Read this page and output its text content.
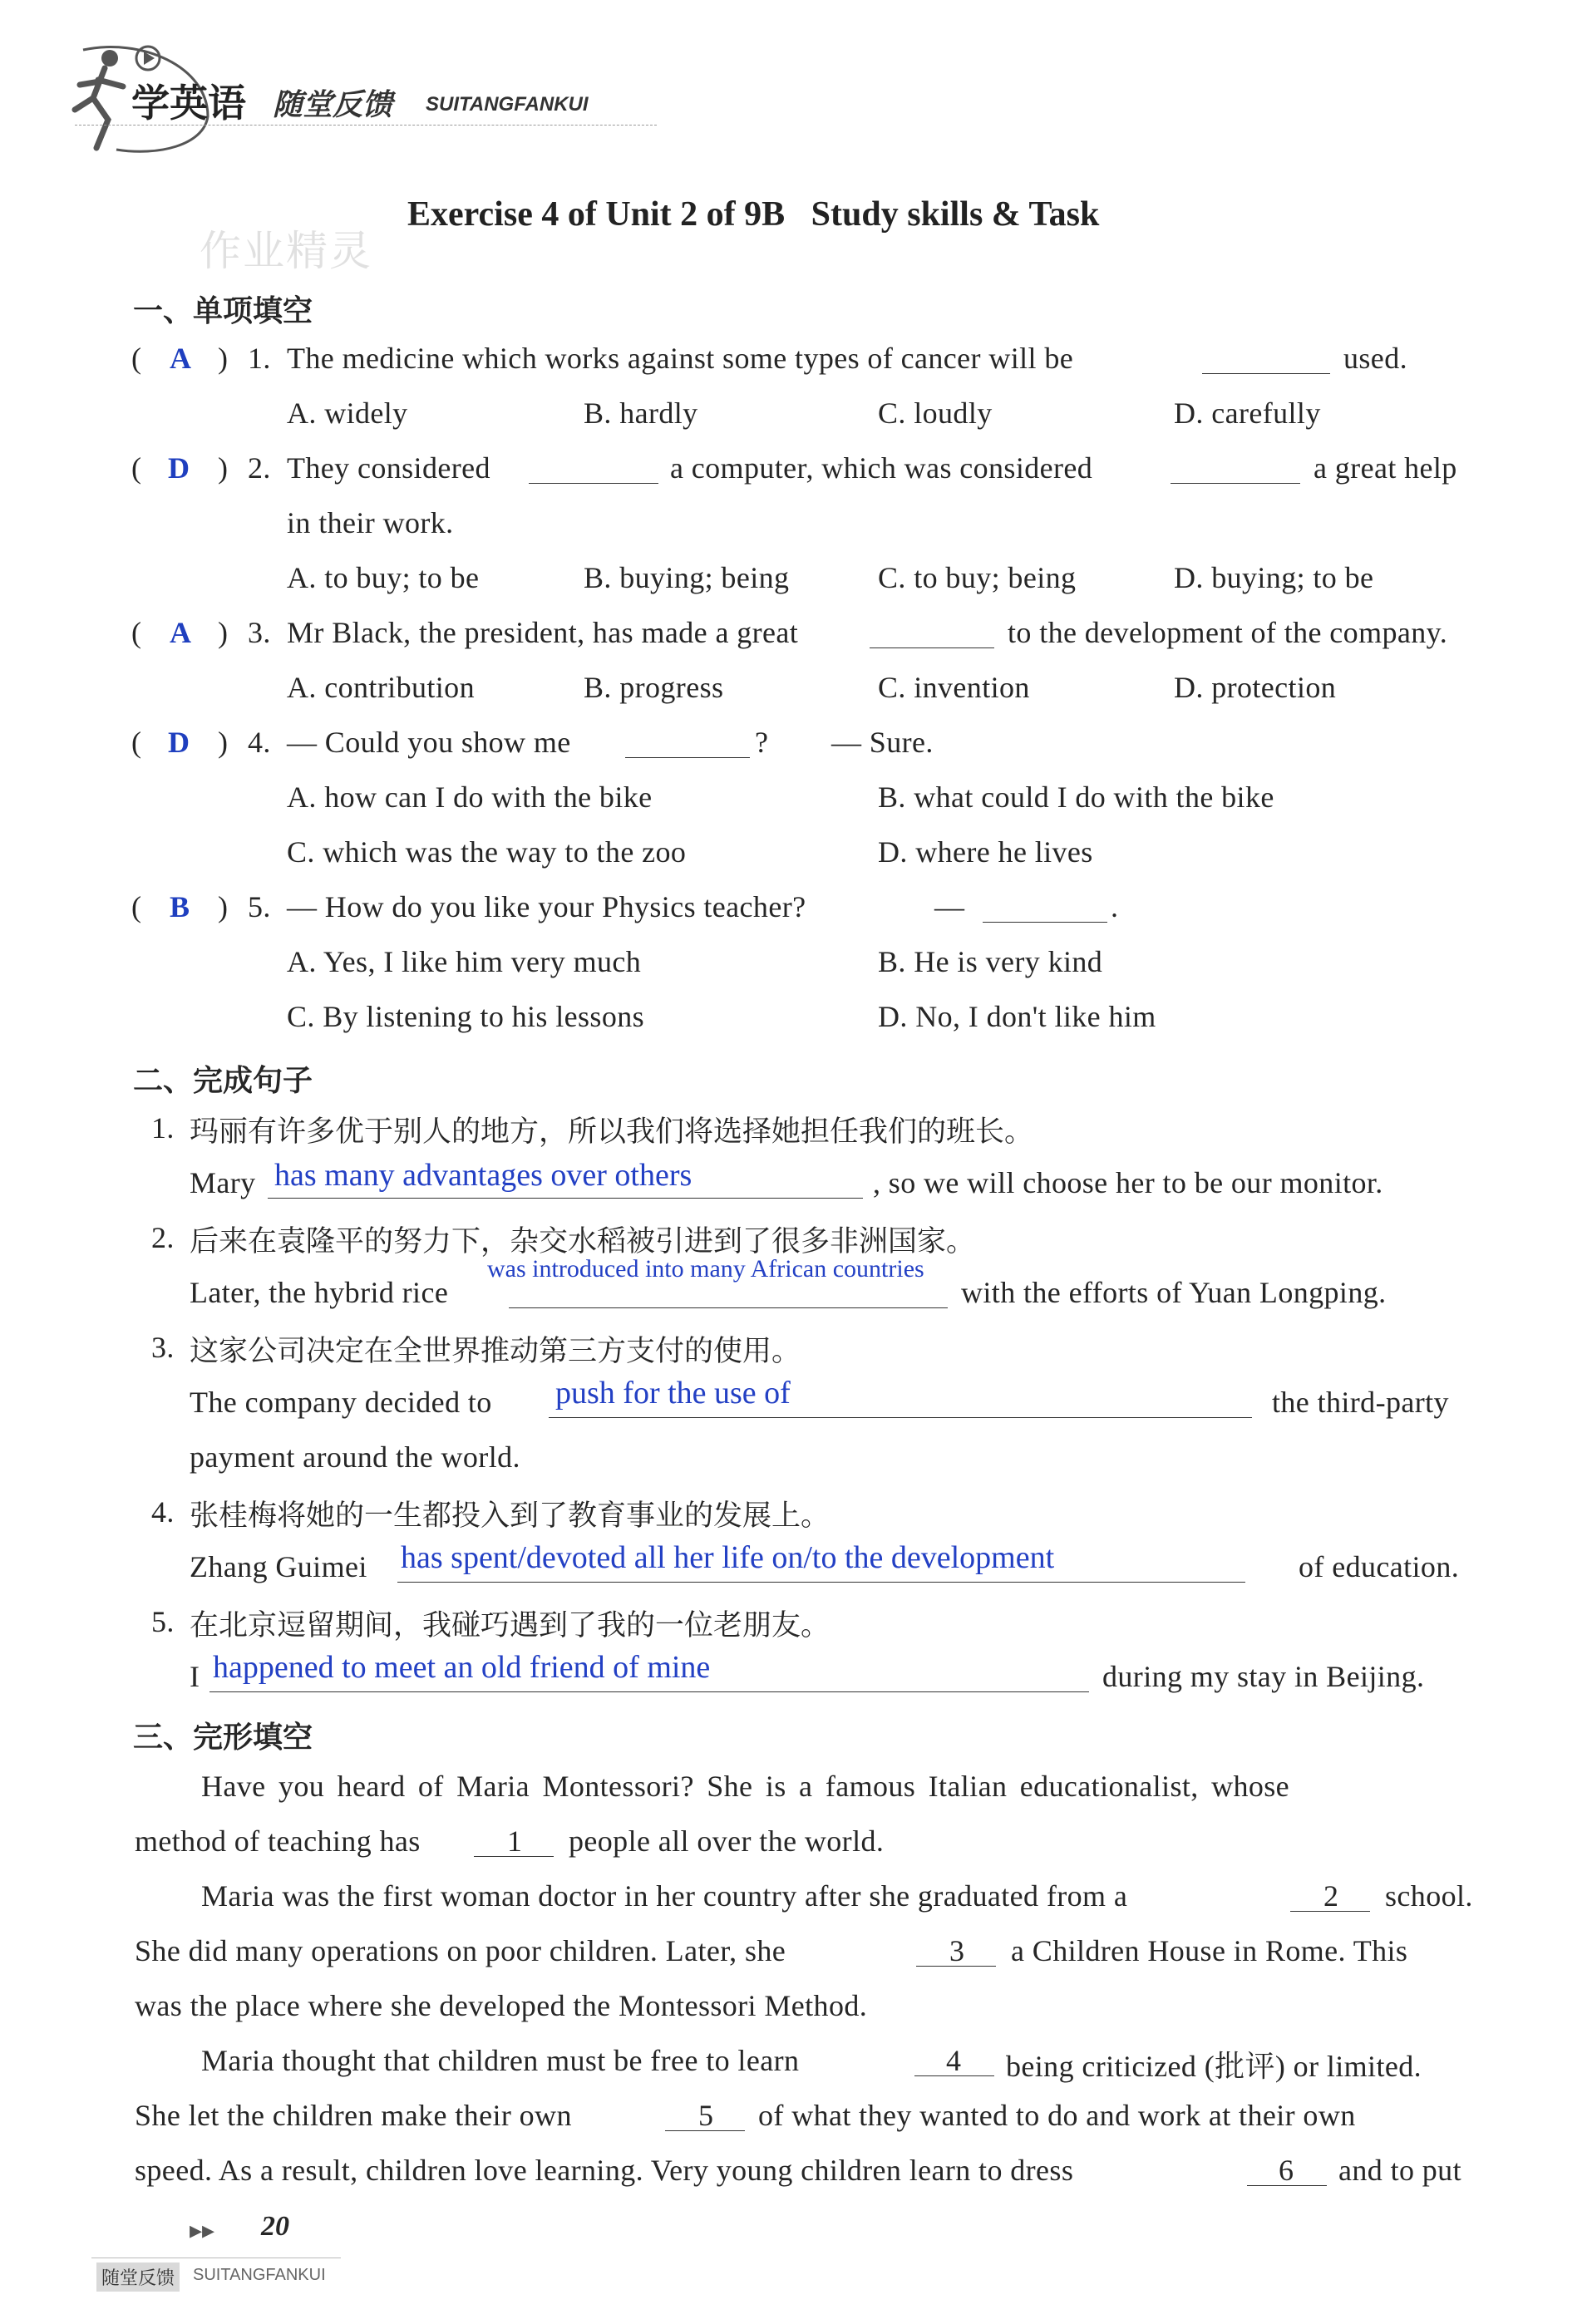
学英语 随堂反馈 SUITANGFANKUI
作业精灵
Exercise 4 of Unit 2 of 9B   Study skills & Task
一、单项填空
( A ) 1. The medicine which works against some types of cancer will be	used.
A. widely	B. hardly	C. loudly	D. carefully
( D ) 2. They considered	a computer, which was considered	a great help
in their work.
A. to buy; to be	B. buying; being	C. to buy; being	D. buying; to be
( A ) 3. Mr Black, the president, has made a great	to the development of the company.
A. contribution	B. progress	C. invention	D. protection
( D ) 4. — Could you show me	? — Sure.
A. how can I do with the bike	B. what could I do with the bike
C. which was the way to the zoo	D. where he lives
( B ) 5. — How do you like your Physics teacher?	—	.
A. Yes, I like him very much	B. He is very kind
C. By listening to his lessons	D. No, I don't like him
二、完成句子
1. 玛丽有许多优于别人的地方，所以我们将选择她担任我们的班长。
Mary has many advantages over others	, so we will choose her to be our monitor.
2. 后来在袁隆平的努力下，杂交水稻被引进到了很多非洲国家。
Later, the hybrid rice
was introduced into many African countries
with the efforts of Yuan Longping.
3. 这家公司决定在全世界推动第三方支付的使用。
The company decided to push for the use of	the third-party
payment around the world.
4. 张桂梅将她的一生都投入到了教育事业的发展上。
Zhang Guimei has spent/devoted all her life on/to the development	of education.
5. 在北京逗留期间，我碰巧遇到了我的一位老朋友。
I happened to meet an old friend of mine	during my stay in Beijing.
三、完形填空
Have you heard of Maria Montessori? She is a famous Italian educationalist, whose
method of teaching has	1 people all over the world.
Maria was the first woman doctor in her country after she graduated from a	2 school.
She did many operations on poor children. Later, she	3 a Children House in Rome. This
was the place where she developed the Montessori Method.
Maria thought that children must be free to learn	4 being criticized (批评) or limited.
She let the children make their own	5 of what they wanted to do and work at their own
speed. As a result, children love learning. Very young children learn to dress	6 and to put
▸▸ 20
随堂反馈	SUITANGFANKUI
